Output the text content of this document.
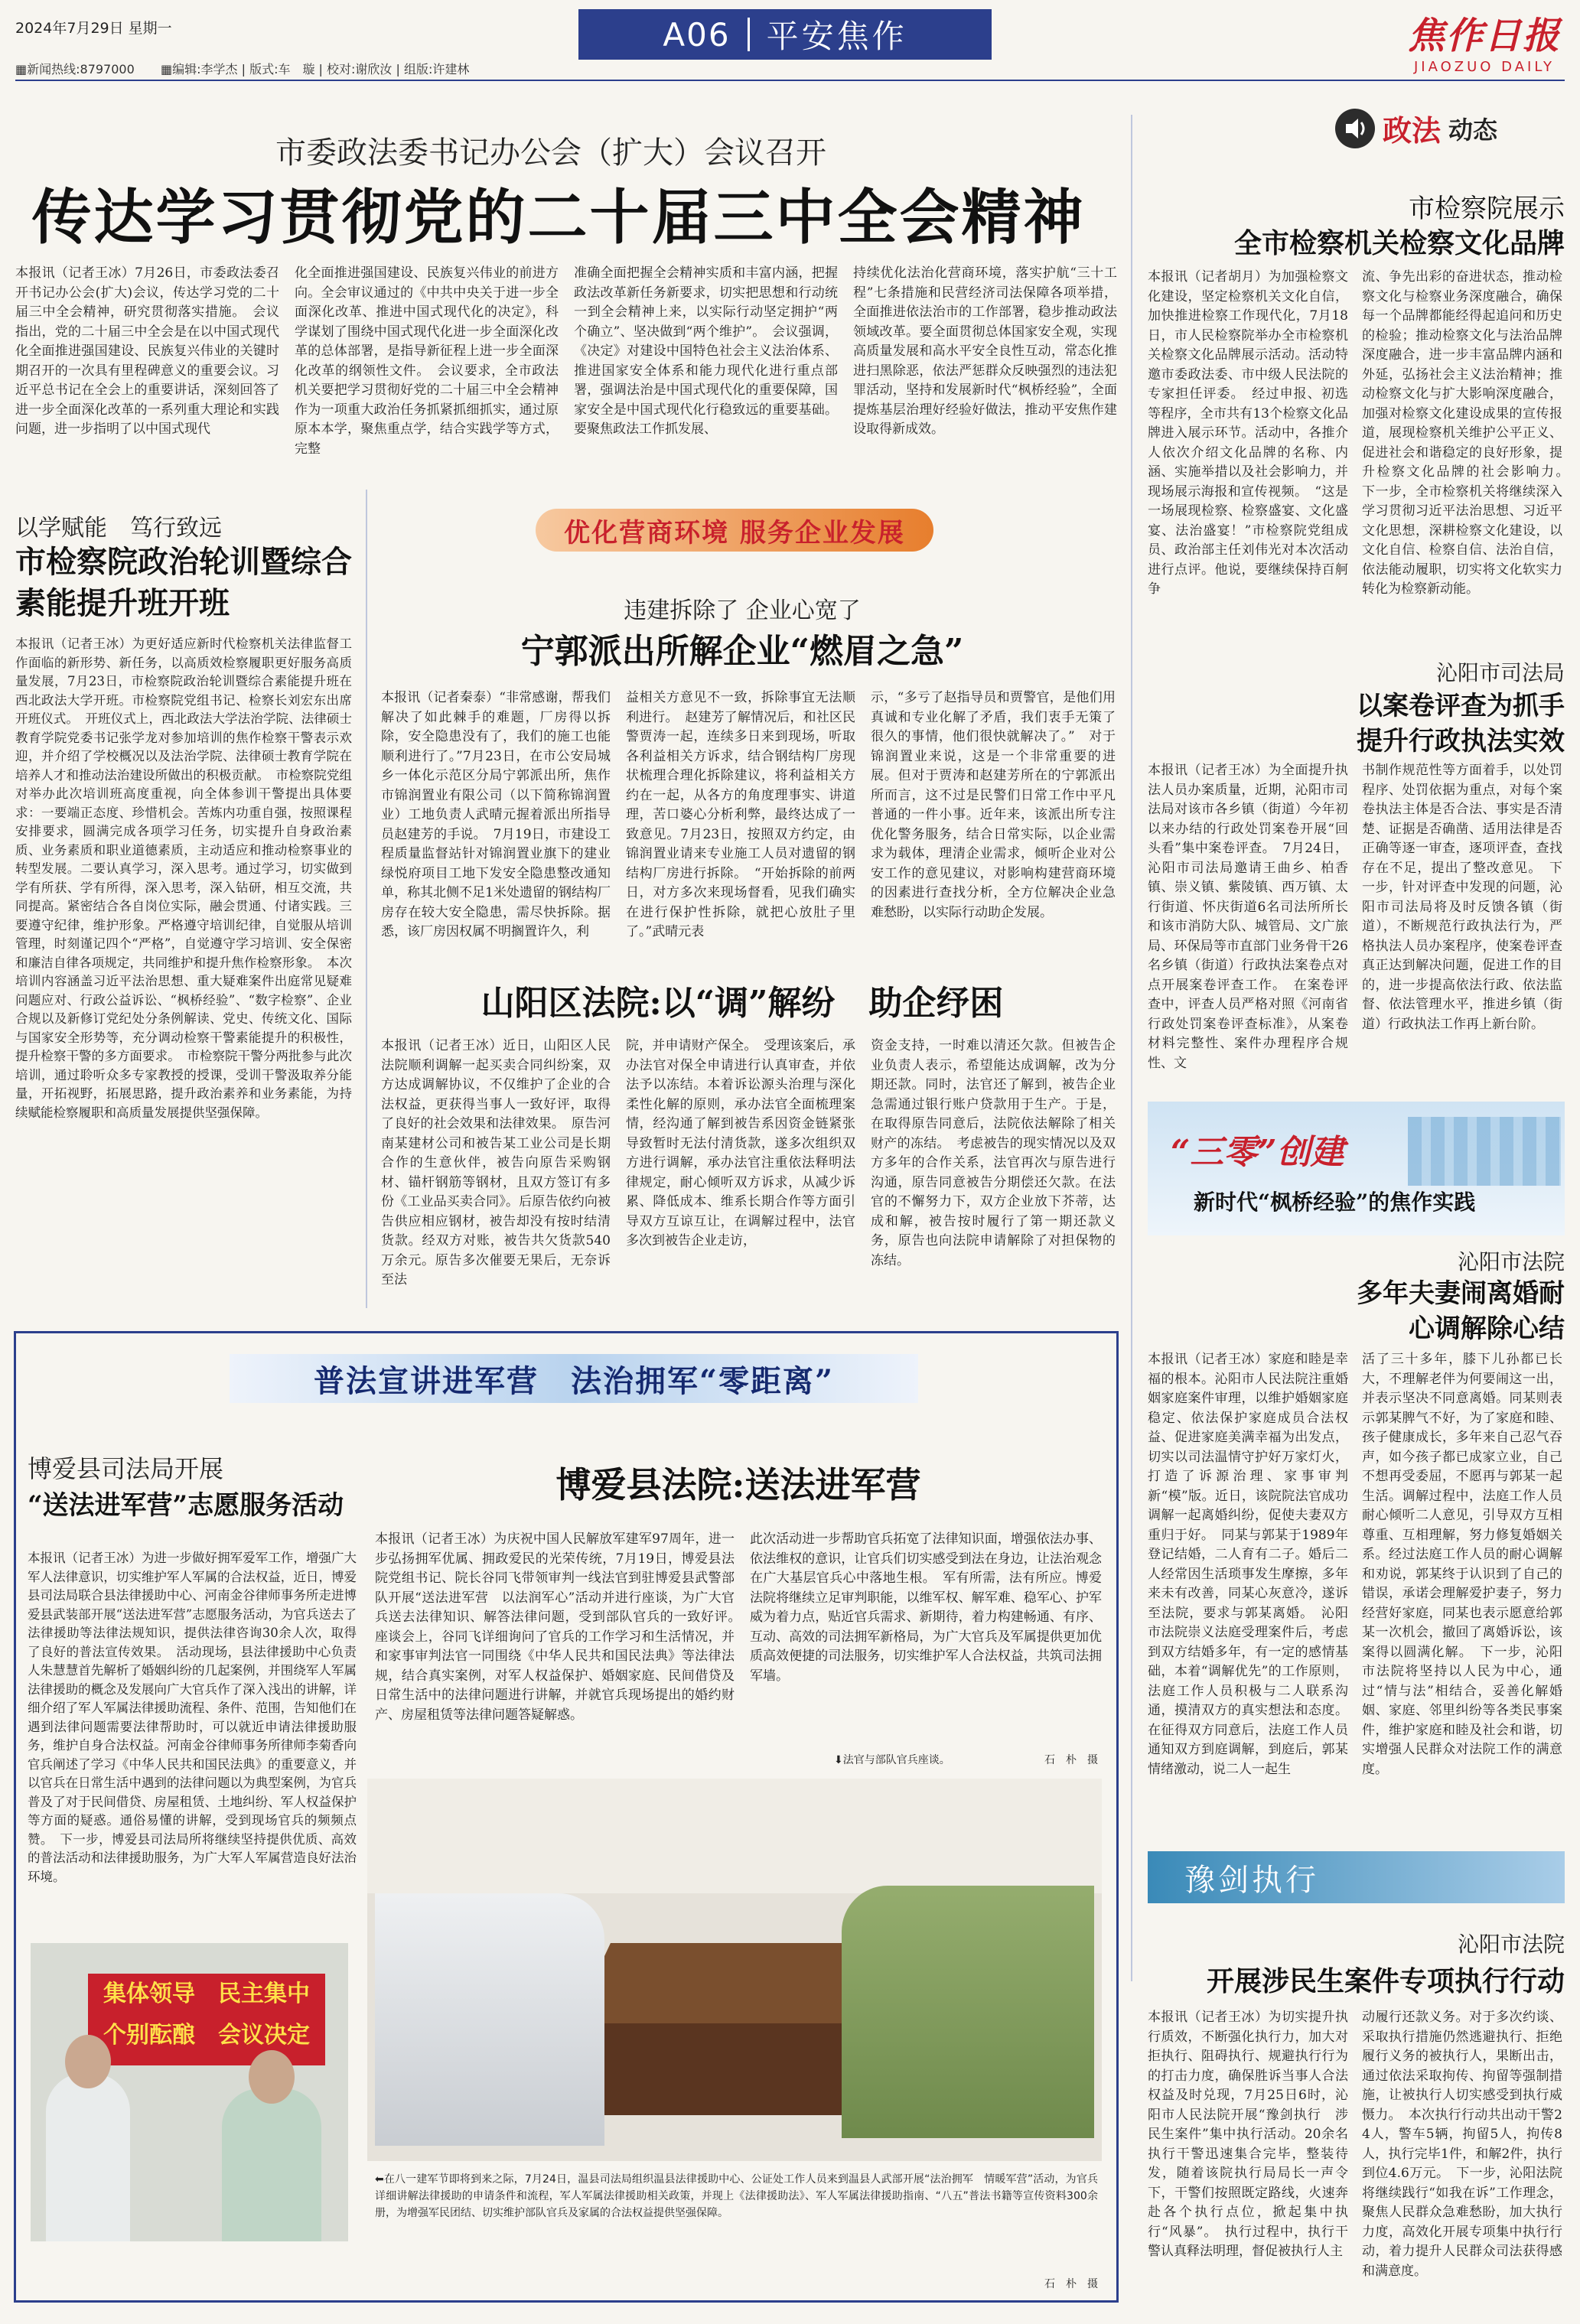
2024年7月29日 星期一
▦新闻热线:8797000 ▦编辑:李学杰 | 版式:车　璇 | 校对:谢欣汝 | 组版:许建林
A06 平安焦作	焦作日报
JIAOZUO DAILY
政法 动态
市委政法委书记办公会（扩大）会议召开
传达学习贯彻党的二十届三中全会精神
本报讯（记者王冰）7月26日，市委政法委召开书记办公会(扩大)会议，传达学习党的二十届三中全会精神，研究贯彻落实措施。　会议指出，党的二十届三中全会是在以中国式现代化全面推进强国建设、民族复兴伟业的关键时期召开的一次具有里程碑意义的重要会议。习近平总书记在全会上的重要讲话，深刻回答了进一步全面深化改革的一系列重大理论和实践问题，进一步指明了以中国式现代
化全面推进强国建设、民族复兴伟业的前进方向。全会审议通过的《中共中央关于进一步全面深化改革、推进中国式现代化的决定》，科学谋划了围绕中国式现代化进一步全面深化改革的总体部署，是指导新征程上进一步全面深化改革的纲领性文件。　会议要求，全市政法机关要把学习贯彻好党的二十届三中全会精神作为一项重大政治任务抓紧抓细抓实，通过原原本本学，聚焦重点学，结合实践学等方式，完整
准确全面把握全会精神实质和丰富内涵，把握政法改革新任务新要求，切实把思想和行动统一到全会精神上来，以实际行动坚定拥护“两个确立”、坚决做到“两个维护”。　会议强调，《决定》对建设中国特色社会主义法治体系、推进国家安全体系和能力现代化进行重点部署，强调法治是中国式现代化的重要保障，国家安全是中国式现代化行稳致远的重要基础。要聚焦政法工作抓发展、
持续优化法治化营商环境，落实护航“三十工程”七条措施和民营经济司法保障各项举措，全面推进依法治市的工作部署，稳步推动政法领域改革。要全面贯彻总体国家安全观，实现高质量发展和高水平安全良性互动，常态化推进扫黑除恶，依法严惩群众反映强烈的违法犯罪活动，坚持和发展新时代“枫桥经验”，全面提炼基层治理好经验好做法，推动平安焦作建设取得新成效。
以学赋能　笃行致远
市检察院政治轮训暨综合素能提升班开班
本报讯（记者王冰）为更好适应新时代检察机关法律监督工作面临的新形势、新任务，以高质效检察履职更好服务高质量发展，7月23日，市检察院政治轮训暨综合素能提升班在西北政法大学开班。市检察院党组书记、检察长刘宏东出席开班仪式。　开班仪式上，西北政法大学法治学院、法律硕士教育学院党委书记张学龙对参加培训的焦作检察干警表示欢迎，并介绍了学校概况以及法治学院、法律硕士教育学院在培养人才和推动法治建设所做出的积极贡献。　市检察院党组对举办此次培训班高度重视，向全体参训干警提出具体要求：一要端正态度、珍惜机会。苦炼内功重自强，按照课程安排要求，圆满完成各项学习任务，切实提升自身政治素质、业务素质和职业道德素质，主动适应和推动检察事业的转型发展。二要认真学习，深入思考。通过学习，切实做到学有所获、学有所得，深入思考，深入钻研，相互交流，共同提高。紧密结合各自岗位实际，融会贯通、付诸实践。三要遵守纪律，维护形象。严格遵守培训纪律，自觉服从培训管理，时刻谨记四个“严格”，自觉遵守学习培训、安全保密和廉洁自律各项规定，共同维护和提升焦作检察形象。　本次培训内容涵盖习近平法治思想、重大疑难案件出庭常见疑难问题应对、行政公益诉讼、“枫桥经验”、“数字检察”、企业合规以及新修订党纪处分条例解读、党史、传统文化、国际与国家安全形势等，充分调动检察干警素能提升的积极性，提升检察干警的多方面要求。　市检察院干警分两批参与此次培训，通过聆听众多专家教授的授课，受训干警汲取养分能量，开拓视野，拓展思路，提升政治素养和业务素能，为持续赋能检察履职和高质量发展提供坚强保障。
优化营商环境 服务企业发展
违建拆除了 企业心宽了
宁郭派出所解企业“燃眉之急”
本报讯（记者秦泰）“非常感谢，帮我们解决了如此棘手的难题，厂房得以拆除，安全隐患没有了，我们的施工也能顺利进行了。”7月23日，在市公安局城乡一体化示范区分局宁郭派出所，焦作市锦润置业有限公司（以下简称锦润置业）工地负责人武晴元握着派出所指导员赵建芳的手说。　7月19日，市建设工程质量监督站针对锦润置业旗下的建业绿悦府项目工地下发安全隐患整改通知单，称其北侧不足1米处遗留的钢结构厂房存在较大安全隐患，需尽快拆除。据悉，该厂房因权属不明搁置许久，利
益相关方意见不一致，拆除事宜无法顺利进行。　赵建芳了解情况后，和社区民警贾涛一起，连续多日来到现场，听取各利益相关方诉求，结合钢结构厂房现状梳理合理化拆除建议，将利益相关方约在一起，从各方的角度理事实、讲道理，苦口婆心分析利弊，最终达成了一致意见。7月23日，按照双方约定，由锦润置业请来专业施工人员对遗留的钢结构厂房进行拆除。　“开始拆除的前两日，对方多次来现场督看，见我们确实在进行保护性拆除，就把心放肚子里了。”武晴元表
示，“多亏了赵指导员和贾警官，是他们用真诚和专业化解了矛盾，我们衷手无策了很久的事情，他们很快就解决了。”　对于锦润置业来说，这是一个非常重要的进展。但对于贾涛和赵建芳所在的宁郭派出所而言，这不过是民警们日常工作中平凡普通的一件小事。近年来，该派出所专注优化警务服务，结合日常实际，以企业需求为载体，理清企业需求，倾听企业对公安工作的意见建议，对影响构建营商环境的因素进行查找分析，全方位解决企业急难愁盼，以实际行动助企发展。
山阳区法院:以“调”解纷　助企纾困
本报讯（记者王冰）近日，山阳区人民法院顺利调解一起买卖合同纠纷案，双方达成调解协议，不仅维护了企业的合法权益，更获得当事人一致好评，取得了良好的社会效果和法律效果。　原告河南某建材公司和被告某工业公司是长期合作的生意伙伴，被告向原告采购钢材、锚杆钢筋等钢材，且双方签订有多份《工业品买卖合同》。后原告依约向被告供应相应钢材，被告却没有按时结清货款。经双方对账，被告共欠货款540万余元。原告多次催要无果后，无奈诉至法
院，并申请财产保全。　受理该案后，承办法官对保全申请进行认真审查，并依法予以冻结。本着诉讼源头治理与深化柔性化解的原则，承办法官全面梳理案情，经沟通了解到被告系因资金链紧张导致暂时无法付清货款，遂多次组织双方进行调解，承办法官注重依法释明法律规定，耐心倾听双方诉求，从减少诉累、降低成本、维系长期合作等方面引导双方互谅互让，在调解过程中，法官多次到被告企业走访，
资金支持，一时难以清还欠款。但被告企业负责人表示，希望能达成调解，改为分期还款。同时，法官还了解到，被告企业急需通过银行账户贷款用于生产。于是，在取得原告同意后，法院依法解除了相关财产的冻结。　考虑被告的现实情况以及双方多年的合作关系，法官再次与原告进行沟通，原告同意被告分期偿还欠款。在法官的不懈努力下，双方企业放下芥蒂，达成和解，被告按时履行了第一期还款义务，原告也向法院申请解除了对担保物的冻结。
普法宣讲进军营　法治拥军“零距离”
博爱县司法局开展
“送法进军营”志愿服务活动
本报讯（记者王冰）为进一步做好拥军爱军工作，增强广大军人法律意识，切实维护军人军属的合法权益，近日，博爱县司法局联合县法律援助中心、河南金谷律师事务所走进博爱县武装部开展“送法进军营”志愿服务活动，为官兵送去了法律援助等法律法规知识，提供法律咨询30余人次，取得了良好的普法宣传效果。　活动现场，县法律援助中心负责人朱慧慧首先解析了婚姻纠纷的几起案例，并围绕军人军属法律援助的概念及发展向广大官兵作了深入浅出的讲解，详细介绍了军人军属法律援助流程、条件、范围，告知他们在遇到法律问题需要法律帮助时，可以就近申请法律援助服务，维护自身合法权益。河南金谷律师事务所律师李菊香向官兵阐述了学习《中华人民共和国民法典》的重要意义，并以官兵在日常生活中遇到的法律问题以为典型案例，为官兵普及了对于民间借贷、房屋租赁、土地纠纷、军人权益保护等方面的疑惑。通俗易懂的讲解，受到现场官兵的频频点赞。　下一步，博爱县司法局所将继续坚持提供优质、高效的普法活动和法律援助服务，为广大军人军属营造良好法治环境。
博爱县法院:送法进军营
本报讯（记者王冰）为庆祝中国人民解放军建军97周年，进一步弘扬拥军优属、拥政爱民的光荣传统，7月19日，博爱县法院党组书记、院长谷同飞带领审判一线法官到驻博爱县武警部队开展“送法进军营　以法润军心”活动并进行座谈，为广大官兵送去法律知识、解答法律问题，受到部队官兵的一致好评。　座谈会上，谷同飞详细询问了官兵的工作学习和生活情况，并和家事审判法官一同围绕《中华人民共和国民法典》等法律法规，结合真实案例，对军人权益保护、婚姻家庭、民间借贷及日常生活中的法律问题进行讲解，并就官兵现场提出的婚约财产、房屋租赁等法律问题答疑解惑。
此次活动进一步帮助官兵拓宽了法律知识面，增强依法办事、依法维权的意识，让官兵们切实感受到法在身边，让法治观念在广大基层官兵心中落地生根。　军有所需，法有所应。博爱法院将继续立足审判职能，以维军权、解军难、稳军心、护军威为着力点，贴近官兵需求、新期待，着力构建畅通、有序、互动、高效的司法拥军新格局，为广大官兵及军属提供更加优质高效便捷的司法服务，切实维护军人合法权益，共筑司法拥军墙。
集体领导　民主集中
个别酝酿　会议决定
⬇法官与部队官兵座谈。	石　朴　摄
⬅在八一建军节即将到来之际，7月24日，温县司法局组织温县法律援助中心、公证处工作人员来到温县人武部开展“法治拥军　情暖军营”活动，为官兵详细讲解法律援助的申请条件和流程，军人军属法律援助相关政策，并现上《法律援助法》、军人军属法律援助指南、“八五”普法书籍等宣传资料300余册，为增强军民团结、切实维护部队官兵及家属的合法权益提供坚强保障。
石　朴　摄
市检察院展示
全市检察机关检察文化品牌
本报讯（记者胡月）为加强检察文化建设，坚定检察机关文化自信，加快推进检察工作现代化，7月18日，市人民检察院举办全市检察机关检察文化品牌展示活动。活动特邀市委政法委、市中级人民法院的专家担任评委。　经过申报、初选等程序，全市共有13个检察文化品牌进入展示环节。活动中，各推介人依次介绍文化品牌的名称、内涵、实施举措以及社会影响力，并现场展示海报和宣传视频。　“这是一场展现检察、检察盛宴、文化盛宴、法治盛宴！”市检察院党组成员、政治部主任刘伟光对本次活动进行点评。他说，要继续保持百舸争
流、争先出彩的奋进状态，推动检察文化与检察业务深度融合，确保每一个品牌都能经得起追问和历史的检验；推动检察文化与法治品牌深度融合，进一步丰富品牌内涵和外延，弘扬社会主义法治精神；推动检察文化与扩大影响深度融合，加强对检察文化建设成果的宣传报道，展现检察机关维护公平正义、促进社会和谐稳定的良好形象，提升检察文化品牌的社会影响力。　下一步，全市检察机关将继续深入学习贯彻习近平法治思想、习近平文化思想，深耕检察文化建设，以文化自信、检察自信、法治自信，依法能动履职，切实将文化软实力转化为检察新动能。
沁阳市司法局
以案卷评查为抓手提升行政执法实效
本报讯（记者王冰）为全面提升执法人员办案质量，近期，沁阳市司法局对该市各乡镇（街道）今年初以来办结的行政处罚案卷开展“回头看”集中案卷评查。　7月24日，沁阳市司法局邀请王曲乡、柏香镇、崇义镇、紫陵镇、西万镇、太行街道、怀庆街道6名司法所所长和该市消防大队、城管局、文广旅局、环保局等市直部门业务骨干26名乡镇（街道）行政执法案卷点对点开展案卷评查工作。　在案卷评查中，评查人员严格对照《河南省行政处罚案卷评查标准》，从案卷材料完整性、案件办理程序合规性、文
书制作规范性等方面着手，以处罚程序、处罚依据为重点，对每个案卷执法主体是否合法、事实是否清楚、证据是否确凿、适用法律是否正确等逐一审查，逐项评查，查找存在不足，提出了整改意见。　下一步，针对评查中发现的问题，沁阳市司法局将及时反馈各镇（街道），不断规范行政执法行为，严格执法人员办案程序，使案卷评查真正达到解决问题，促进工作的目的，进一步提高依法行政、依法监督、依法管理水平，推进乡镇（街道）行政执法工作再上新台阶。
“三零”创建
新时代“枫桥经验”的焦作实践
沁阳市法院
多年夫妻闹离婚耐心调解除心结
本报讯（记者王冰）家庭和睦是幸福的根本。沁阳市人民法院注重婚姻家庭案件审理，以维护婚姻家庭稳定、依法保护家庭成员合法权益、促进家庭美满幸福为出发点，切实以司法温情守护好万家灯火，打造了诉源治理、家事审判新“模”版。近日，该院院法官成功调解一起离婚纠纷，促使夫妻双方重归于好。　同某与郭某于1989年登记结婚，二人育有二子。婚后二人经常因生活琐事发生摩擦，多年来未有改善，同某心灰意冷，遂诉至法院，要求与郭某离婚。　沁阳市法院崇义法庭受理案件后，考虑到双方结婚多年，有一定的感情基础，本着“调解优先”的工作原则，法庭工作人员积极与二人联系沟通，摸清双方的真实想法和态度。在征得双方同意后，法庭工作人员通知双方到庭调解，到庭后，郭某情绪激动，说二人一起生
活了三十多年，膝下儿孙都已长大，不理解老伴为何要闹这一出，并表示坚决不同意离婚。同某则表示郭某脾气不好，为了家庭和睦、孩子健康成长，多年来自己忍气吞声，如今孩子都已成家立业，自己不想再受委屈，不愿再与郭某一起生活。调解过程中，法庭工作人员耐心倾听二人意见，引导双方互相尊重、互相理解，努力修复婚姻关系。经过法庭工作人员的耐心调解和劝说，郭某终于认识到了自己的错误，承诺会理解爱护妻子，努力经营好家庭，同某也表示愿意给郭某一次机会，撤回了离婚诉讼，该案得以圆满化解。　下一步，沁阳市法院将坚持以人民为中心，通过“情与法”相结合，妥善化解婚姻、家庭、邻里纠纷等各类民事案件，维护家庭和睦及社会和谐，切实增强人民群众对法院工作的满意度。
豫剑执行
沁阳市法院
开展涉民生案件专项执行行动
本报讯（记者王冰）为切实提升执行质效，不断强化执行力，加大对拒执行、阻碍执行、规避执行行为的打击力度，确保胜诉当事人合法权益及时兑现，7月25日6时，沁阳市人民法院开展“豫剑执行　涉民生案件”集中执行活动。20余名执行干警迅速集合完毕，整装待发，随着该院执行局局长一声令下，干警们按照既定路线，火速奔赴各个执行点位，掀起集中执行“风暴”。　执行过程中，执行干警认真释法明理，督促被执行人主
动履行还款义务。对于多次约谈、采取执行措施仍然逃避执行、拒绝履行义务的被执行人，果断出击，通过依法采取拘传、拘留等强制措施，让被执行人切实感受到执行威慑力。　本次执行行动共出动干警24人，警车5辆，拘留5人，拘传8人，执行完毕1件，和解2件，执行到位4.6万元。　下一步，沁阳法院将继续践行“如我在诉”工作理念，聚焦人民群众急难愁盼，加大执行力度，高效化开展专项集中执行行动，着力提升人民群众司法获得感和满意度。
